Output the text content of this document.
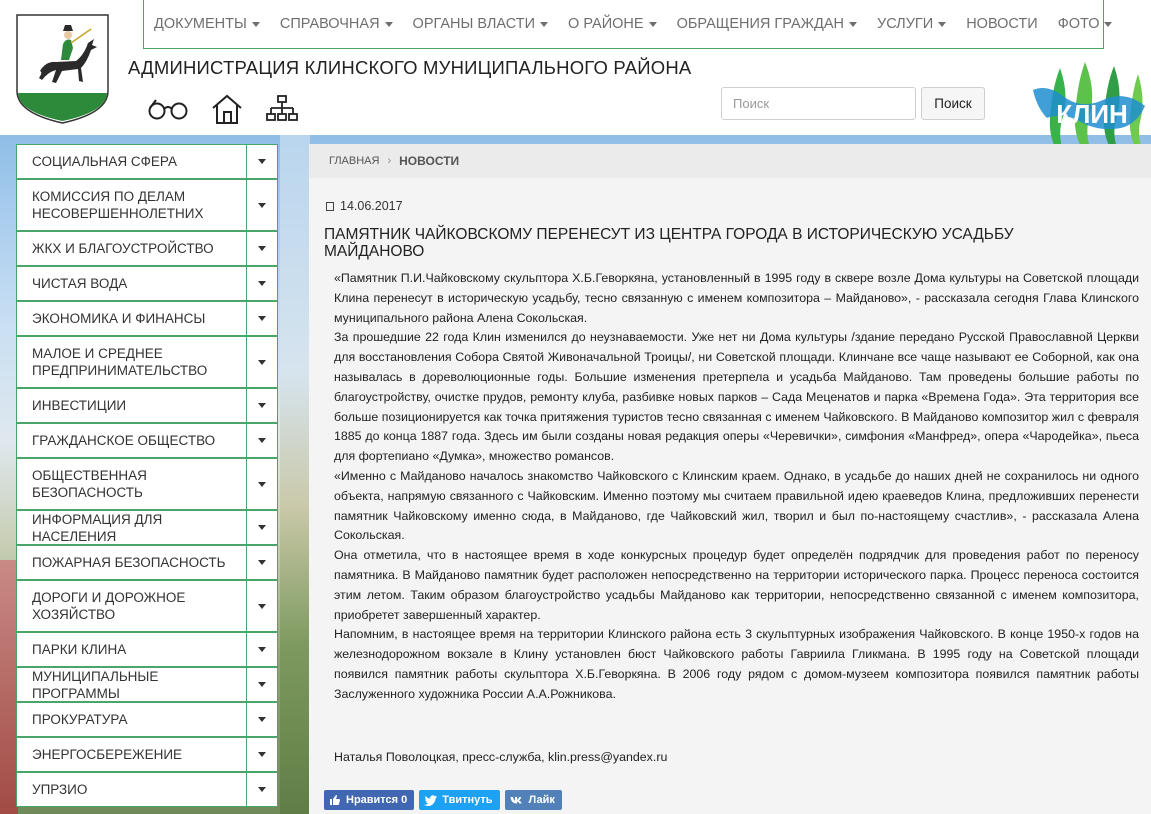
ДОКУМЕНТЫ СПРАВОЧНАЯ ОРГАНЫ ВЛАСТИ О РАЙОНЕ ОБРАЩЕНИЯ ГРАЖДАН УСЛУГИ НОВОСТИ ФОТО
АДМИНИСТРАЦИЯ КЛИНСКОГО МУНИЦИПАЛЬНОГО РАЙОНА
Поиск
Поиск	КЛИН
СОЦИАЛЬНАЯ СФЕРА
КОМИССИЯ ПО ДЕЛАМ НЕСОВЕРШЕННОЛЕТНИХ
ЖКХ И БЛАГОУСТРОЙСТВО
ЧИСТАЯ ВОДА
ЭКОНОМИКА И ФИНАНСЫ
МАЛОЕ И СРЕДНЕЕ ПРЕДПРИНИМАТЕЛЬСТВО
ИНВЕСТИЦИИ
ГРАЖДАНСКОЕ ОБЩЕСТВО
ОБЩЕСТВЕННАЯ БЕЗОПАСНОСТЬ
ИНФОРМАЦИЯ ДЛЯ НАСЕЛЕНИЯ
ПОЖАРНАЯ БЕЗОПАСНОСТЬ
ДОРОГИ И ДОРОЖНОЕ ХОЗЯЙСТВО
ПАРКИ КЛИНА
МУНИЦИПАЛЬНЫЕ ПРОГРАММЫ
ПРОКУРАТУРА
ЭНЕРГОСБЕРЕЖЕНИЕ
УПРЗИО
ГЛАВНАЯ › НОВОСТИ
14.06.2017
ПАМЯТНИК ЧАЙКОВСКОМУ ПЕРЕНЕСУТ ИЗ ЦЕНТРА ГОРОДА В ИСТОРИЧЕСКУЮ УСАДЬБУ МАЙДАНОВО

«Памятник П.И.Чайковскому скульптора Х.Б.Геворкяна, установленный в 1995 году в сквере возле Дома культуры на Советской площади Клина перенесут в историческую усадьбу, тесно связанную с именем композитора – Майданово», - рассказала сегодня Глава Клинского муниципального района Алена Сокольская.

За прошедшие 22 года Клин изменился до неузнаваемости. Уже нет ни Дома культуры /здание передано Русской Православной Церкви для восстановления Собора Святой Живоначальной Троицы/, ни Советской площади. Клинчане все чаще называют ее Соборной, как она называлась в дореволюционные годы. Большие изменения претерпела и усадьба Майданово. Там проведены большие работы по благоустройству, очистке прудов, ремонту клуба, разбивке новых парков – Сада Меценатов и парка «Времена Года». Эта территория все больше позиционируется как точка притяжения туристов тесно связанная с именем Чайковского. В Майданово композитор жил с февраля 1885 до конца 1887 года. Здесь им были созданы новая редакция оперы «Черевички», симфония «Манфред», опера «Чародейка», пьеса для фортепиано «Думка», множество романсов.

«Именно с Майданово началось знакомство Чайковского с Клинским краем. Однако, в усадьбе до наших дней не сохранилось ни одного объекта, напрямую связанного с Чайковским. Именно поэтому мы считаем правильной идею краеведов Клина, предложивших перенести памятник Чайковскому именно сюда, в Майданово, где Чайковский жил, творил и был по-настоящему счастлив», - рассказала Алена Сокольская.

Она отметила, что в настоящее время в ходе конкурсных процедур будет определён подрядчик для проведения работ по переносу памятника. В Майданово памятник будет расположен непосредственно на территории исторического парка. Процесс переноса состоится этим летом. Таким образом благоустройство усадьбы Майданово как территории, непосредственно связанной с именем композитора, приобретет завершенный характер.

Напомним, в настоящее время на территории Клинского района есть 3 скульптурных изображения Чайковского. В конце 1950-х годов на железнодорожном вокзале в Клину установлен бюст Чайковского работы Гавриила Гликмана. В 1995 году на Советской площади появился памятник работы скульптора Х.Б.Геворкяна. В 2006 году рядом с домом-музеем композитора появился памятник работы Заслуженного художника России А.А.Рожникова.

Наталья Поволоцкая, пресс-служба, klin.press@yandex.ru
Нравится 0	Твитнуть	Лайк
